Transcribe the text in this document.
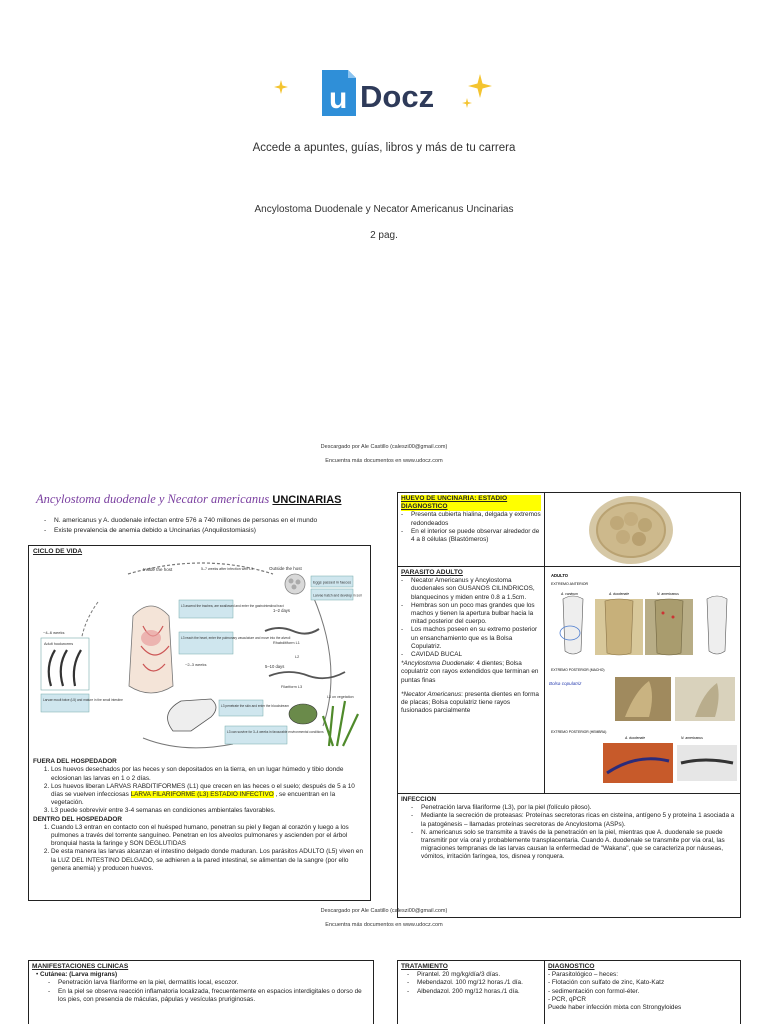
u Docz
Accede a apuntes, guías, libros y más de tu carrera
Ancylostoma Duodenale y Necator Americanus Uncinarias
2 pag.
Descargado por Ale Castillo (caleszi00@gmail.com)
Encuentra más documentos en www.udocz.com
Ancylostoma duodenale y Necator americanus UNCINARIAS
- N. americanus y A. duodenale infectan entre 576 a 740 millones de personas en el mundo
- Existe prevalencia de anemia debido a Uncinarias (Anquilostomiasis)
CICLO DE VIDA
Inside the host	Outside the host
5–7 weeks after infection with L3
Eggs passed in faeces
Larvae hatch and develop in soil
1–2 days
Rhabditiform L1
L2
5–10 days
Filariform L3
L3 on vegetation
L3 can survive for 3–4 weeks in favourable environmental conditions
L3 penetrate the skin and enter the bloodstream
L3 ascend the trachea, are swallowed and enter the gastrointestinal tract
L3 reach the heart, enter the pulmonary vasculature and move into the alveoli
~2–3 weeks
~4–6 weeks
Adult hookworms
Larvae moult twice (L5) and mature in the small intestine
FUERA DEL HOSPEDADOR
1. Los huevos desechados por las heces y son depositados en la tierra, en un lugar húmedo y tibio donde eclosionan las larvas en 1 o 2 días.
2. Los huevos liberan LARVAS RABDITIFORMES (L1) que crecen en las heces o el suelo; después de 5 a 10 días se vuelven infecciosas LARVA FILARIFORME (L3) ESTADIO INFECTIVO , se encuentran en la vegetación.
3. L3 puede sobrevivir entre 3-4 semanas en condiciones ambientales favorables.
DENTRO DEL HOSPEDADOR
1. Cuando L3 entran en contacto con el huésped humano, penetran su piel y llegan al corazón y luego a los pulmones a través del torrente sanguíneo. Penetran en los alveolos pulmonares y ascienden por el árbol bronquial hasta la faringe y SON DEGLUTIDAS
2. De esta manera las larvas alcanzan el intestino delgado donde maduran. Los parásitos ADULTO (L5) viven en la LUZ DEL INTESTINO DELGADO, se adhieren a la pared intestinal, se alimentan de la sangre (por ello genera anemia) y producen huevos.
HUEVO DE UNCINARIA: ESTADIO DIAGNOSTICO
- Presenta cubierta hialina, delgada y extremos redondeados
- En el interior se puede observar alrededor de 4 a 8 células (Blastómeros)
PARASITO ADULTO
- Necator Americanus y Ancylostoma duodenales son GUSANOS CILINDRICOS, blanquecinos y miden entre 0.8 a 1.5cm.
- Hembras son un poco mas grandes que los machos y tienen la apertura bulbar hacia la mitad posterior del cuerpo.
- Los machos poseen en su extremo posterior un ensanchamiento que es la Bolsa Copulatriz.
- CAVIDAD BUCAL
*Ancylostoma Duodenale: 4 dientes; Bolsa copulatriz con rayos extendidos que terminan en puntas finas
*Necator Americanus: presenta dientes en forma de placas; Bolsa copulatriz tiene rayos fusionados parcialmente
ADULTO
EXTREMO ANTERIOR
A. caninum	A. duodenale	N. americanus
EXTREMO POSTERIOR (MACHO)
Bolsa copulatriz
EXTREMO POSTERIOR (HEMBRA)
A. duodenale	N. americanus
INFECCION
- Penetración larva filariforme (L3), por la piel (folículo piloso).
- Mediante la secreción de proteasas: Proteínas secretoras ricas en cisteína, antígeno 5 y proteína 1 asociada a la patogénesis – llamadas proteínas secretoras de Ancylostoma (ASPs).
- N. americanus solo se transmite a través de la penetración en la piel, mientras que A. duodenale se puede transmitir por vía oral y probablemente transplacentaria. Cuando A. duodenale se transmite por vía oral, las migraciones tempranas de las larvas causan la enfermedad de "Wakana", que se caracteriza por náuseas, vómitos, irritación faríngea, tos, disnea y ronquera.
Descargado por Ale Castillo (caleszi00@gmail.com)
Encuentra más documentos en www.udocz.com
MANIFESTACIONES CLINICAS
• Cutánea: (Larva migrans)
- Penetración larva filariforme en la piel, dermatitis local, escozor.
- En la piel se observa reacción inflamatoria localizada, frecuentemente en espacios interdigitales o dorso de los pies, con presencia de máculas, pápulas y vesículas pruriginosas.
TRATAMIENTO
- Pirantel. 20 mg/kg/día/3 días.
- Mebendazol. 100 mg/12 horas./1 día.
- Albendazol. 200 mg/12 horas./1 día.
DIAGNOSTICO
- Parasitológico – heces:
- Flotación con sulfato de zinc, Kato-Katz
- sedimentación con formol-éter.
- PCR, qPCR
Puede haber infección mixta con Strongyloides
